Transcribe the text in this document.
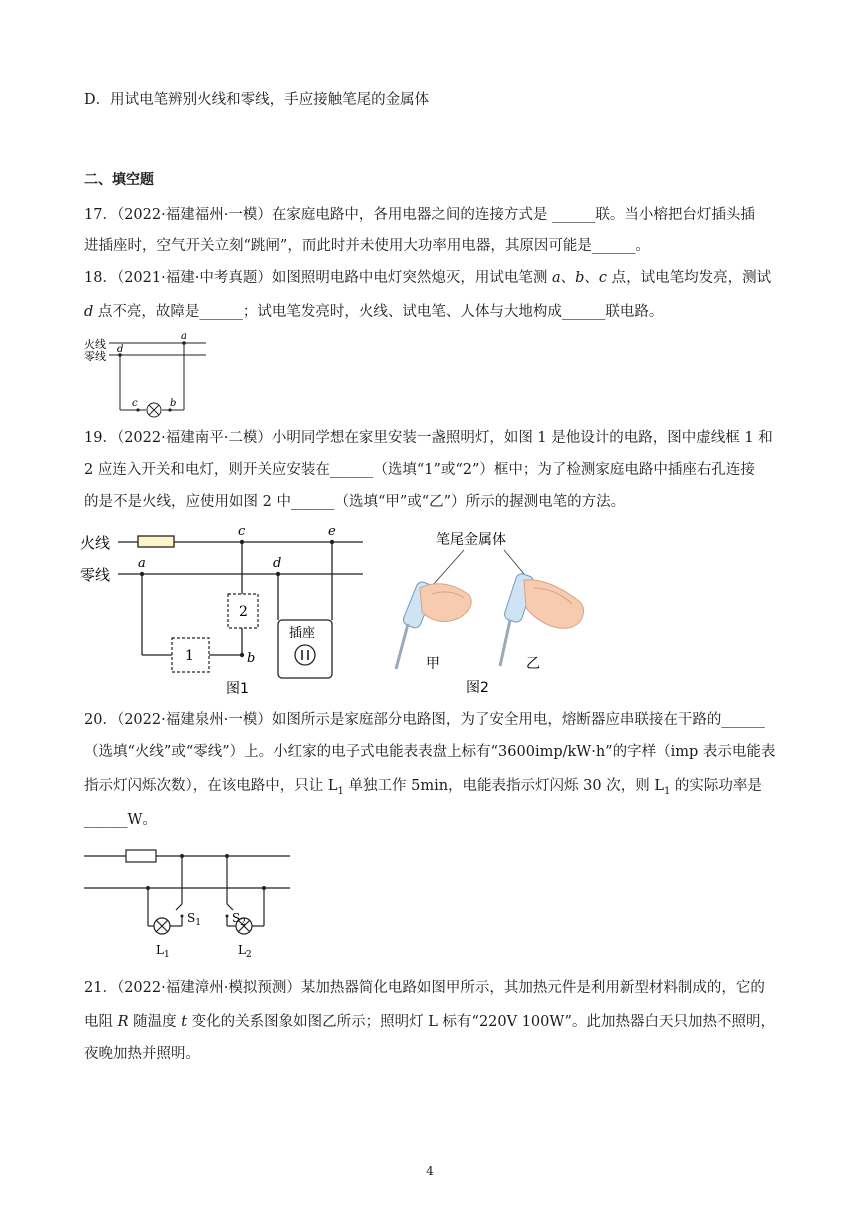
D．用试电笔辨别火线和零线，手应接触笔尾的金属体
二、填空题
17．（2022·福建福州·一模）在家庭电路中，各用电器之间的连接方式是 ______联。当小榕把台灯插头插
进插座时，空气开关立刻“跳闸”，而此时并未使用大功率用电器，其原因可能是______。
18．（2021·福建·中考真题）如图照明电路中电灯突然熄灭，用试电笔测 a、b、c 点，试电笔均发亮，测试
d 点不亮，故障是______；试电笔发亮时，火线、试电笔、人体与大地构成______联电路。
火线
零线
a
d
c	b
19．（2022·福建南平·二模）小明同学想在家里安装一盏照明灯，如图 1 是他设计的电路，图中虚线框 1 和
2 应连入开关和电灯，则开关应安装在______（选填“1”或“2”）框中；为了检测家庭电路中插座右孔连接
的是不是火线，应使用如图 2 中______（选填“甲”或“乙”）所示的握测电笔的方法。
火线
零线
a
c
d
e
b
1
2
插座
图1
笔尾金属体
甲	乙
图2
20．（2022·福建泉州·一模）如图所示是家庭部分电路图，为了安全用电，熔断器应串联接在干路的______
（选填“火线”或“零线”）上。小红家的电子式电能表表盘上标有“3600imp/kW·h”的字样（imp 表示电能表
指示灯闪烁次数），在该电路中，只让 $L_1$ 单独工作 5min，电能表指示灯闪烁 30 次，则 $L_1$ 的实际功率是
______W。
$S_1$	$S_2$
$L_1$	$L_2$
21．（2022·福建漳州·模拟预测）某加热器简化电路如图甲所示，其加热元件是利用新型材料制成的，它的
电阻 R 随温度 t 变化的关系图象如图乙所示；照明灯 L 标有“220V 100W”。此加热器白天只加热不照明，
夜晚加热并照明。
4
